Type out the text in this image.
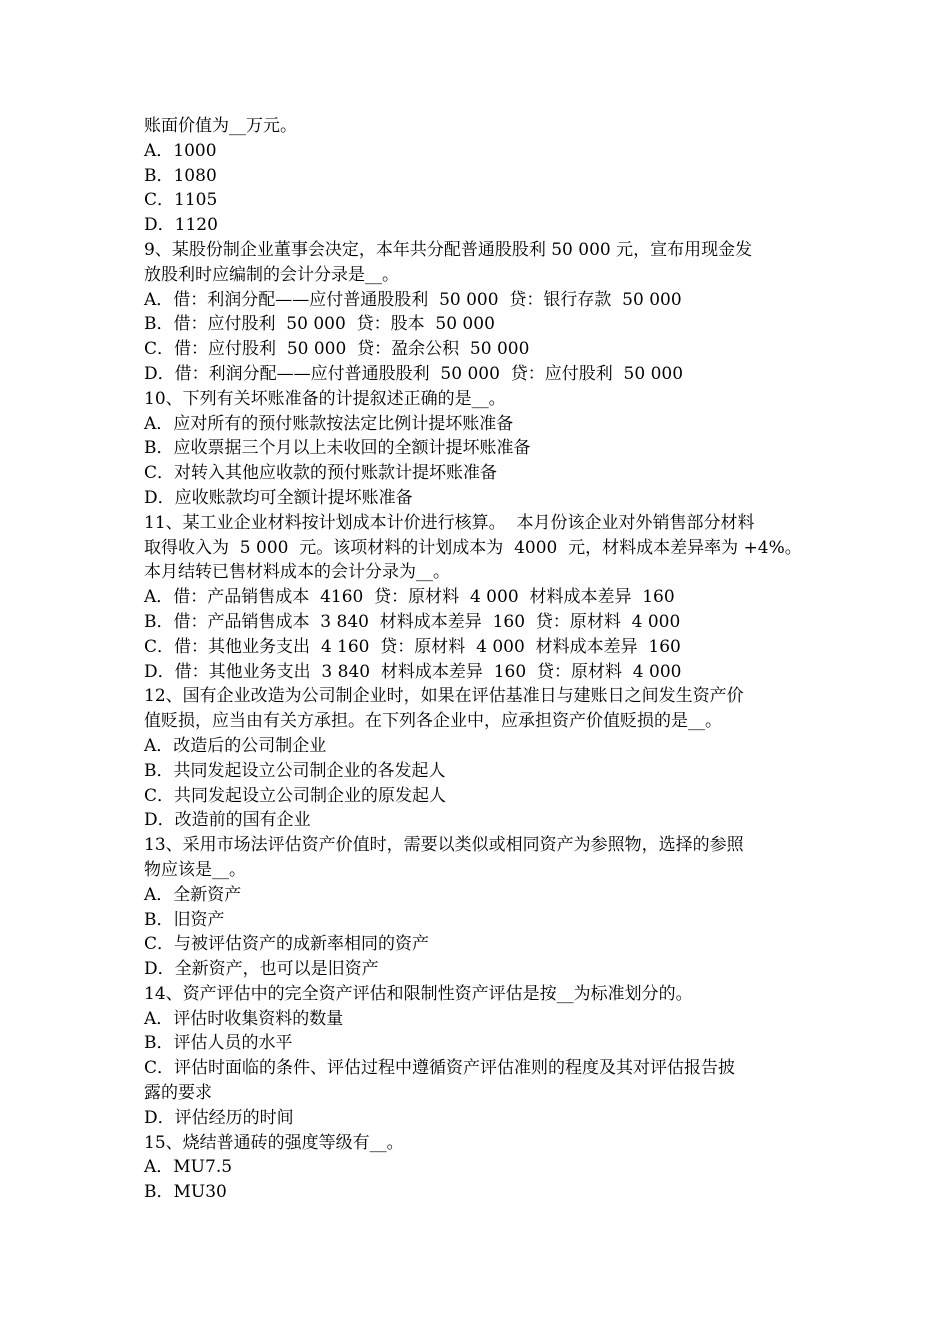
账面价值为__万元。
A．1000
B．1080
C．1105
D．1120
9、某股份制企业董事会决定，本年共分配普通股股利 50 000 元，宣布用现金发
放股利时应编制的会计分录是__。
A．借：利润分配——应付普通股股利  50 000  贷：银行存款  50 000
B．借：应付股利  50 000  贷：股本  50 000
C．借：应付股利  50 000  贷：盈余公积  50 000
D．借：利润分配——应付普通股股利  50 000  贷：应付股利  50 000
10、下列有关坏账准备的计提叙述正确的是__。
A．应对所有的预付账款按法定比例计提坏账准备
B．应收票据三个月以上未收回的全额计提坏账准备
C．对转入其他应收款的预付账款计提坏账准备
D．应收账款均可全额计提坏账准备
11、某工业企业材料按计划成本计价进行核算。  本月份该企业对外销售部分材料
取得收入为  5 000  元。该项材料的计划成本为  4000  元，材料成本差异率为 +4%。
本月结转已售材料成本的会计分录为__。
A．借：产品销售成本  4160  贷：原材料  4 000  材料成本差异  160
B．借：产品销售成本  3 840  材料成本差异  160  贷：原材料  4 000
C．借：其他业务支出  4 160  贷：原材料  4 000  材料成本差异  160
D．借：其他业务支出  3 840  材料成本差异  160  贷：原材料  4 000
12、国有企业改造为公司制企业时，如果在评估基准日与建账日之间发生资产价
值贬损，应当由有关方承担。在下列各企业中，应承担资产价值贬损的是__。
A．改造后的公司制企业
B．共同发起设立公司制企业的各发起人
C．共同发起设立公司制企业的原发起人
D．改造前的国有企业
13、采用市场法评估资产价值时，需要以类似或相同资产为参照物，选择的参照
物应该是__。
A．全新资产
B．旧资产
C．与被评估资产的成新率相同的资产
D．全新资产，也可以是旧资产
14、资产评估中的完全资产评估和限制性资产评估是按__为标准划分的。
A．评估时收集资料的数量
B．评估人员的水平
C．评估时面临的条件、评估过程中遵循资产评估准则的程度及其对评估报告披
露的要求
D．评估经历的时间
15、烧结普通砖的强度等级有__。
A．MU7.5
B．MU30
